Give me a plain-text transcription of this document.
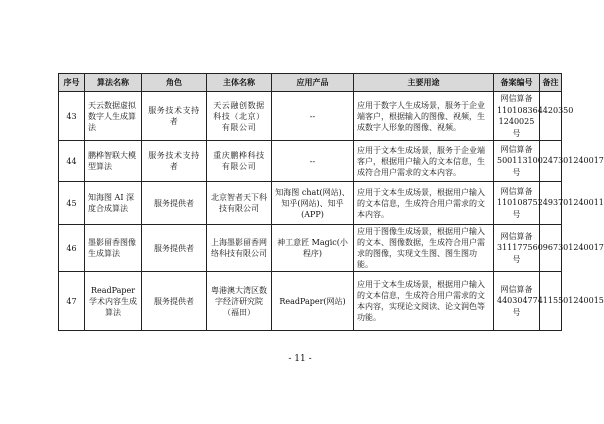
序号	算法名称	角色	主体名称	应用产品	主要用途	备案编号	备注
43	天云数据虚拟数字人生成算法	服务技术支持者	天云融创数据科技（北京）有限公司	--	应用于数字人生成场景，服务于企业端客户，根据输入的图像、视频，生成数字人形象的图像、视频。	网信算备110108364420350 1240025 号	
44	鹏桦智联大模型算法	服务技术支持者	重庆鹏桦科技有限公司	--	应用于文本生成场景，服务于企业端客户，根据用户输入的文本信息，生成符合用户需求的文本内容。	网信算备500113100247301240017 号	
45	知海图 AI 深度合成算法	服务提供者	北京智者天下科技有限公司	知海图 chat(网站)、知乎(网站)、知乎(APP)	应用于文本生成场景，根据用户输入的文本信息，生成符合用户需求的文本内容。	网信算备110108752493701240011 号	
46	墨影留香图像生成算法	服务提供者	上海墨影留香网络科技有限公司	神工意匠 Magic(小程序)	应用于图像生成场景，根据用户输入的文本、图像数据，生成符合用户需求的图像，实现文生图、图生图功能。	网信算备311177560967301240017 号	
47	ReadPaper 学术内容生成算法	服务提供者	粤港澳大湾区数字经济研究院（福田）	ReadPaper(网站)	应用于文本生成场景，根据用户输入的文本信息，生成符合用户需求的文本内容，实现论文阅读、论文润色等功能。	网信算备440304774115501240015 号	
- 11 -
